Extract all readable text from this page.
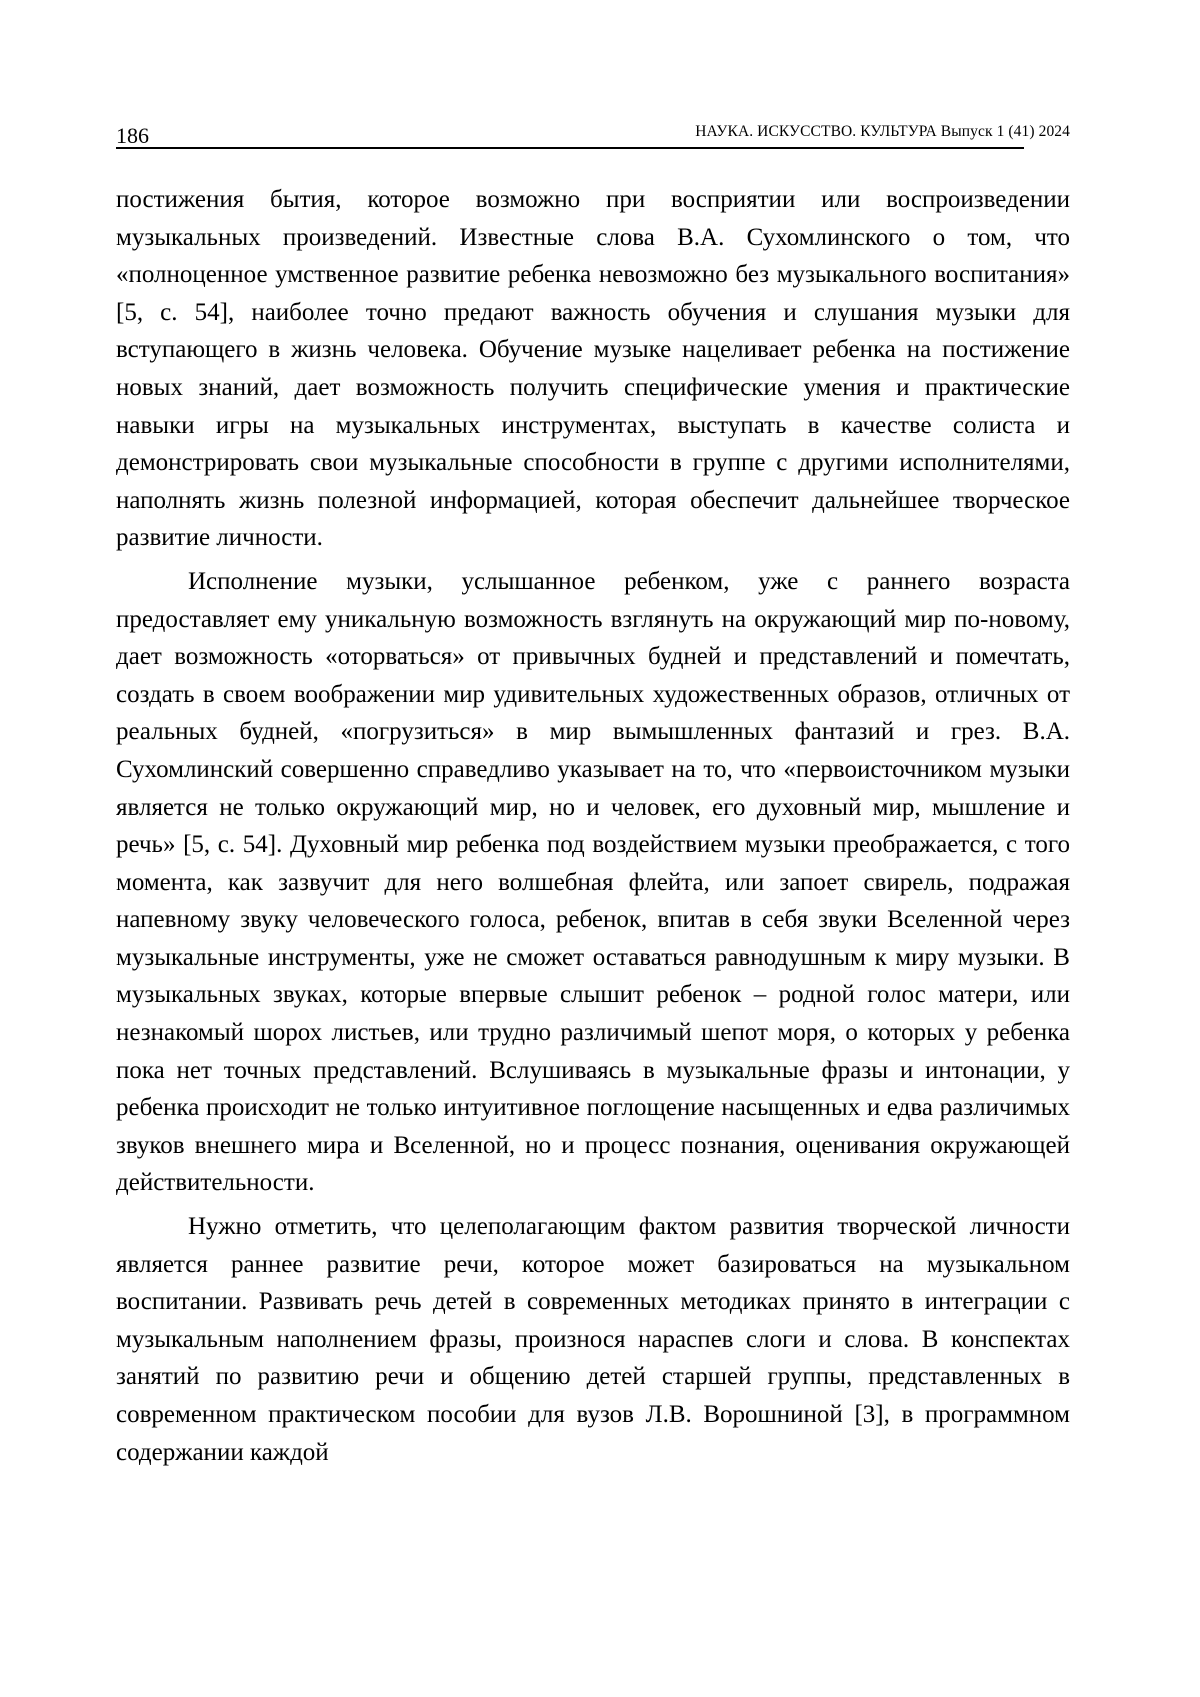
186	НАУКА. ИСКУССТВО. КУЛЬТУРА Выпуск 1 (41) 2024

постижения бытия, которое возможно при восприятии или воспроизведении музыкальных произведений. Известные слова В.А. Сухомлинского о том, что «полноценное умственное развитие ребенка невозможно без музыкального воспитания» [5, с. 54], наиболее точно предают важность обучения и слушания музыки для вступающего в жизнь человека. Обучение музыке нацеливает ребенка на постижение новых знаний, дает возможность получить специфические умения и практические навыки игры на музыкальных инструментах, выступать в качестве солиста и демонстрировать свои музыкальные способности в группе с другими исполнителями, наполнять жизнь полезной информацией, которая обеспечит дальнейшее творческое развитие личности.

Исполнение музыки, услышанное ребенком, уже с раннего возраста предоставляет ему уникальную возможность взглянуть на окружающий мир по-новому, дает возможность «оторваться» от привычных будней и представлений и помечтать, создать в своем воображении мир удивительных художественных образов, отличных от реальных будней, «погрузиться» в мир вымышленных фантазий и грез. В.А. Сухомлинский совершенно справедливо указывает на то, что «первоисточником музыки является не только окружающий мир, но и человек, его духовный мир, мышление и речь» [5, с. 54]. Духовный мир ребенка под воздействием музыки преображается, с того момента, как зазвучит для него волшебная флейта, или запоет свирель, подражая напевному звуку человеческого голоса, ребенок, впитав в себя звуки Вселенной через музыкальные инструменты, уже не сможет оставаться равнодушным к миру музыки. В музыкальных звуках, которые впервые слышит ребенок – родной голос матери, или незнакомый шорох листьев, или трудно различимый шепот моря, о которых у ребенка пока нет точных представлений. Вслушиваясь в музыкальные фразы и интонации, у ребенка происходит не только интуитивное поглощение насыщенных и едва различимых звуков внешнего мира и Вселенной, но и процесс познания, оценивания окружающей действительности.

Нужно отметить, что целеполагающим фактом развития творческой личности является раннее развитие речи, которое может базироваться на музыкальном воспитании. Развивать речь детей в современных методиках принято в интеграции с музыкальным наполнением фразы, произнося нараспев слоги и слова. В конспектах занятий по развитию речи и общению детей старшей группы, представленных в современном практическом пособии для вузов Л.В. Ворошниной [3], в программном содержании каждой
